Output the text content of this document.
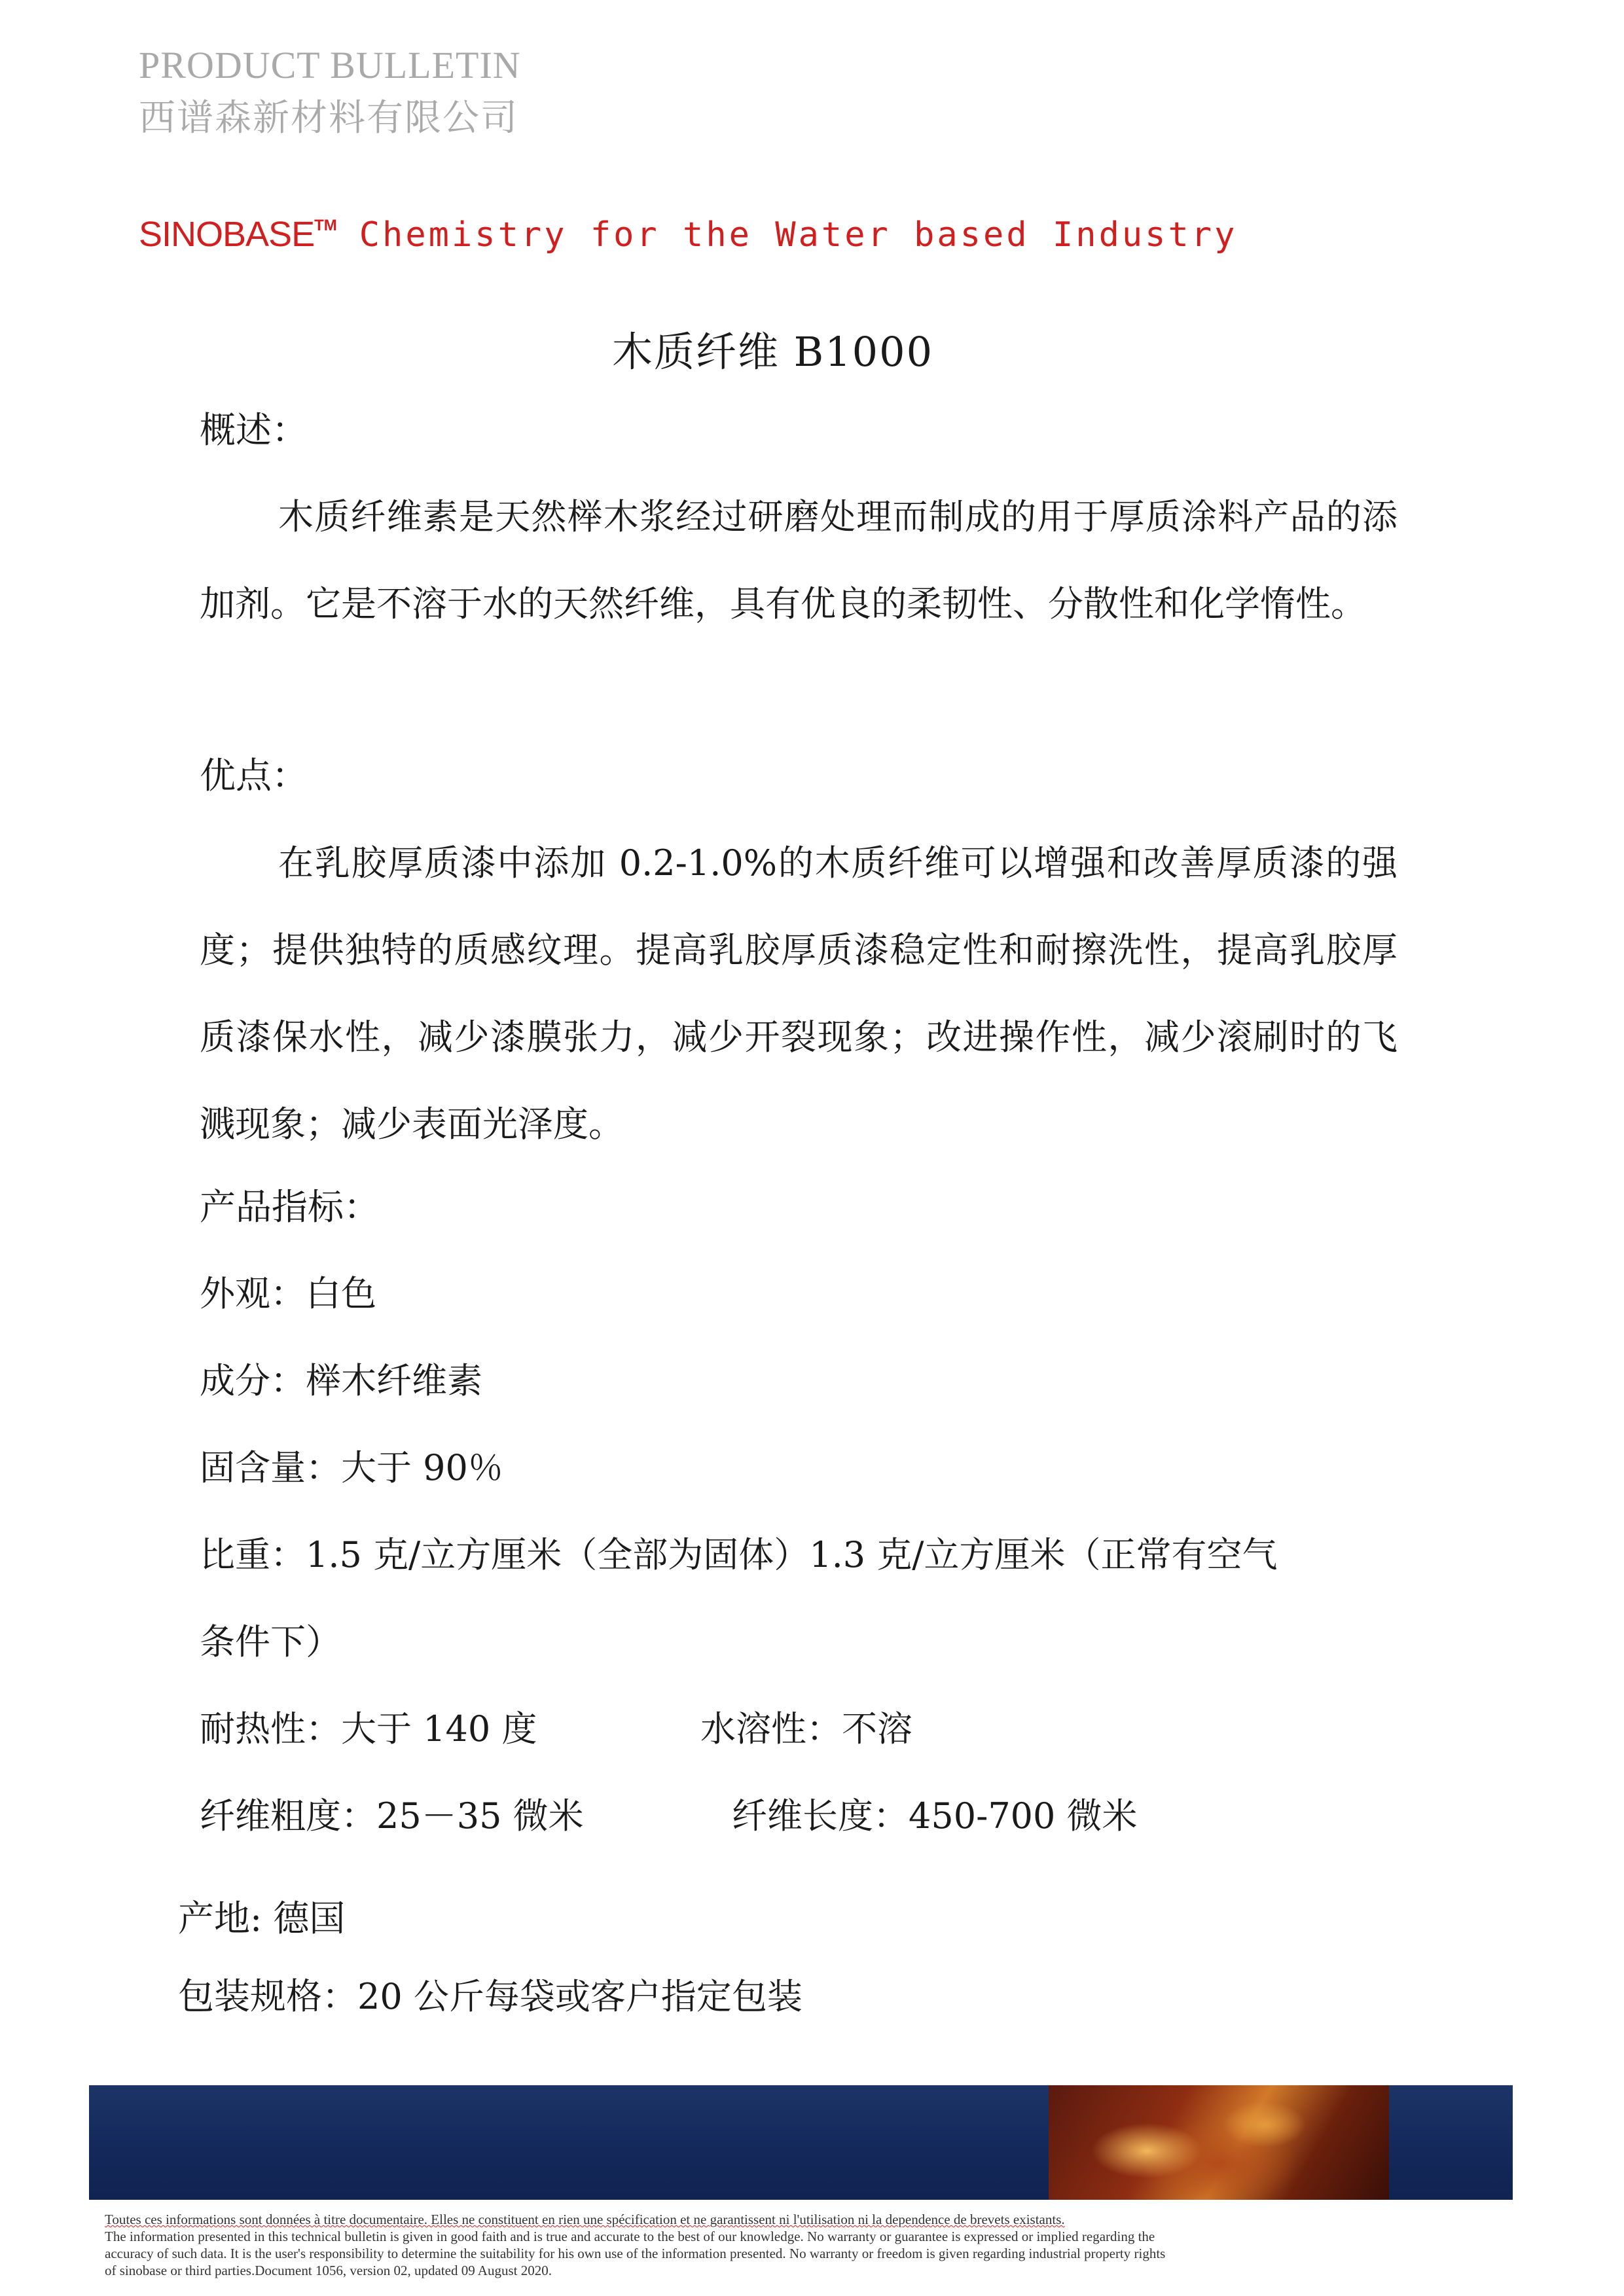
PRODUCT BULLETIN
西谱森新材料有限公司
SINOBASE™ Chemistry for the Water based Industry
木质纤维 B1000
概述：
木质纤维素是天然榉木浆经过研磨处理而制成的用于厚质涂料产品的添加剂。它是不溶于水的天然纤维，具有优良的柔韧性、分散性和化学惰性。
优点：
在乳胶厚质漆中添加 0.2-1.0%的木质纤维可以增强和改善厚质漆的强度；提供独特的质感纹理。提高乳胶厚质漆稳定性和耐擦洗性，提高乳胶厚质漆保水性，减少漆膜张力，减少开裂现象；改进操作性，减少滚刷时的飞溅现象；减少表面光泽度。
产品指标：
外观：白色
成分：榉木纤维素
固含量：大于 90％
比重：1.5 克/立方厘米（全部为固体）1.3 克/立方厘米（正常有空气
条件下）
耐热性：大于 140 度	水溶性：不溶
纤维粗度：25－35 微米	纤维长度：450-700 微米
产地: 德国
包装规格：20 公斤每袋或客户指定包装
Toutes ces informations sont données à titre documentaire. Elles ne constituent en rien une spécification et ne garantissent ni l'utilisation ni la dependence de brevets existants.
The information presented in this technical bulletin is given in good faith and is true and accurate to the best of our knowledge. No warranty or guarantee is expressed or implied regarding the
accuracy of such data. It is the user's responsibility to determine the suitability for his own use of the information presented. No warranty or freedom is given regarding industrial property rights
of sinobase or third parties.Document 1056, version 02, updated 09 August 2020.
